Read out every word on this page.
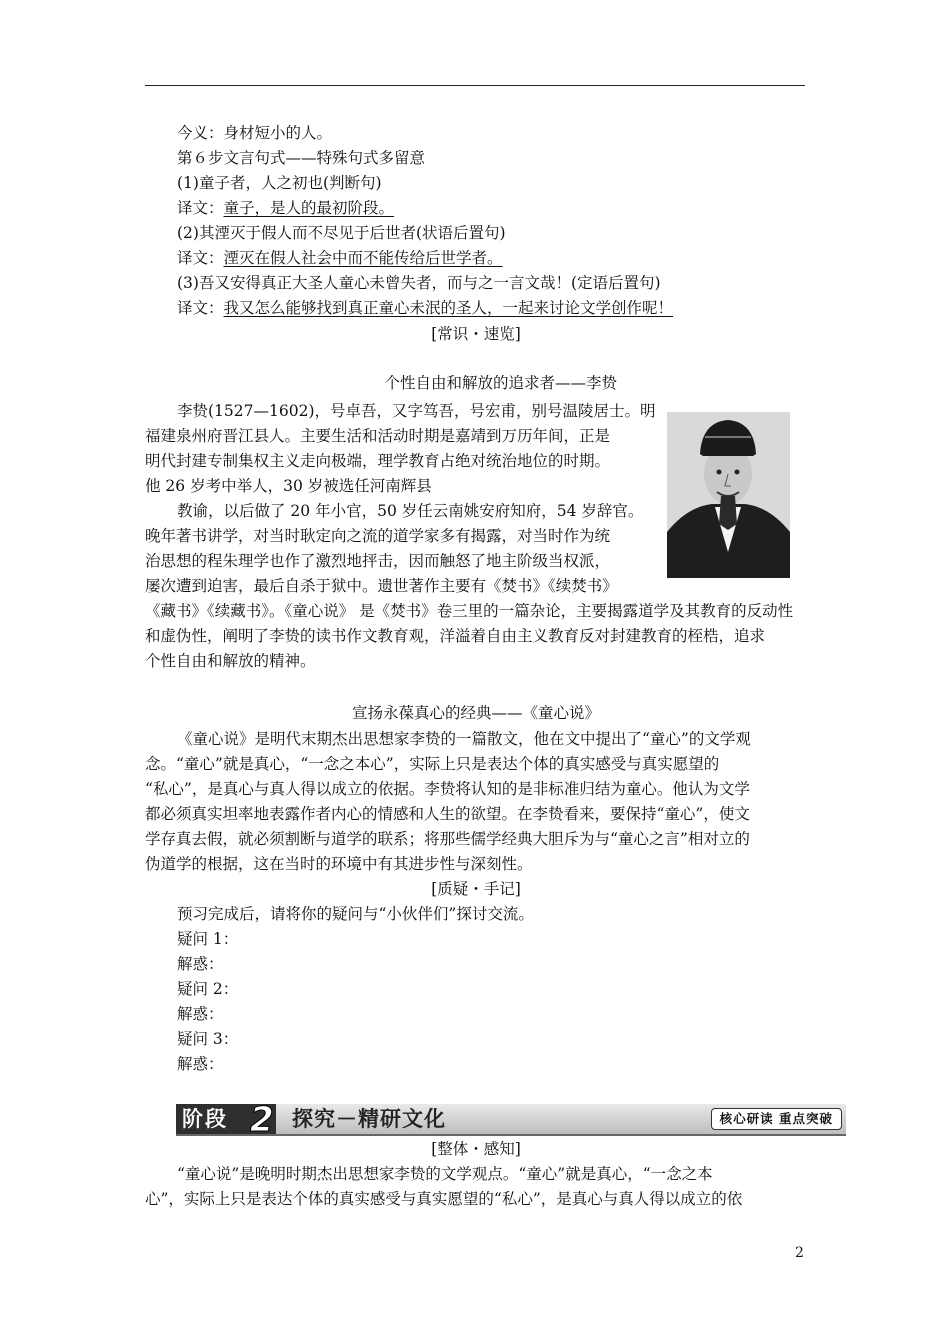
今义：身材短小的人。
第６步文言句式——特殊句式多留意
(1)童子者，人之初也(判断句)
译文：童子，是人的最初阶段。
(2)其湮灭于假人而不尽见于后世者(状语后置句)
译文：湮灭在假人社会中而不能传给后世学者。
(3)吾又安得真正大圣人童心未曾失者，而与之一言文哉！(定语后置句)
译文：我又怎么能够找到真正童心未泯的圣人，一起来讨论文学创作呢！
[常识・速览]
个性自由和解放的追求者——李贽
李贽(1527—1602)，号卓吾，又字笃吾，号宏甫，别号温陵居士。明
福建泉州府晋江县人。主要生活和活动时期是嘉靖到万历年间，正是
明代封建专制集权主义走向极端，理学教育占绝对统治地位的时期。
他 26 岁考中举人，30 岁被选任河南辉县
教谕，以后做了 20 年小官，50 岁任云南姚安府知府，54 岁辞官。
晚年著书讲学，对当时耿定向之流的道学家多有揭露，对当时作为统
治思想的程朱理学也作了激烈地抨击，因而触怒了地主阶级当权派，
屡次遭到迫害，最后自杀于狱中。遗世著作主要有《焚书》《续焚书》
《藏书》《续藏书》。《童心说》 是《焚书》卷三里的一篇杂论，主要揭露道学及其教育的反动性
和虚伪性，阐明了李贽的读书作文教育观，洋溢着自由主义教育反对封建教育的桎梏，追求
个性自由和解放的精神。
宣扬永葆真心的经典——《童心说》
《童心说》是明代末期杰出思想家李贽的一篇散文，他在文中提出了“童心”的文学观
念。“童心”就是真心，“一念之本心”，实际上只是表达个体的真实感受与真实愿望的
“私心”，是真心与真人得以成立的依据。李贽将认知的是非标准归结为童心。他认为文学
都必须真实坦率地表露作者内心的情感和人生的欲望。在李贽看来，要保持“童心”，使文
学存真去假，就必须割断与道学的联系；将那些儒学经典大胆斥为与“童心之言”相对立的
伪道学的根据，这在当时的环境中有其进步性与深刻性。
[质疑・手记]
预习完成后，请将你的疑问与“小伙伴们”探讨交流。
疑问 1：
解惑：
疑问 2：
解惑：
疑问 3：
解惑：
阶段 2 探究－精研文化	核心研读 重点突破
[整体・感知]
“童心说”是晚明时期杰出思想家李贽的文学观点。“童心”就是真心，“一念之本
心”，实际上只是表达个体的真实感受与真实愿望的“私心”，是真心与真人得以成立的依
2
